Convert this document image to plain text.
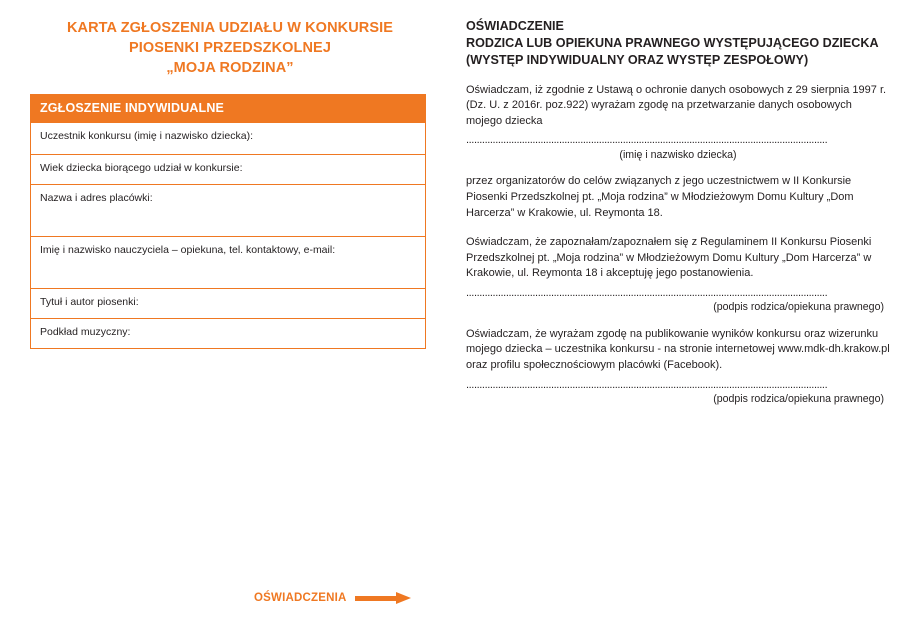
KARTA ZGŁOSZENIA UDZIAŁU W KONKURSIE
PIOSENKI PRZEDSZKOLNEJ
„MOJA RODZINA”
ZGŁOSZENIE INDYWIDUALNE
Uczestnik konkursu (imię i nazwisko dziecka):
Wiek dziecka biorącego udział w konkursie:
Nazwa i adres placówki:
Imię i nazwisko nauczyciela – opiekuna, tel. kontaktowy, e-mail:
Tytuł i autor piosenki:
Podkład muzyczny:
OŚWIADCZENIE
RODZICA LUB OPIEKUNA PRAWNEGO WYSTĘPUJĄCEGO DZIECKA
(WYSTĘP INDYWIDUALNY ORAZ WYSTĘP ZESPOŁOWY)

Oświadczam, iż zgodnie z Ustawą o ochronie danych osobowych z 29 sierpnia 1997 r. (Dz. U. z 2016r. poz.922) wyrażam zgodę na przetwarzanie danych osobowych mojego dziecka

........................................................................................................................................
(imię i nazwisko dziecka)

przez organizatorów do celów związanych z jego uczestnictwem w II Konkursie Piosenki Przedszkolnej pt. „Moja rodzina” w Młodzieżowym Domu Kultury „Dom Harcerza” w Krakowie, ul. Reymonta 18.

Oświadczam, że zapoznałam/zapoznałem się z Regulaminem II Konkursu Piosenki Przedszkolnej pt. „Moja rodzina” w Młodzieżowym Domu Kultury „Dom Harcerza” w Krakowie, ul. Reymonta 18 i akceptuję jego postanowienia.

........................................................................................................................................
(podpis rodzica/opiekuna prawnego)

Oświadczam, że wyrażam zgodę na publikowanie wyników konkursu oraz wizerunku mojego dziecka – uczestnika konkursu - na stronie internetowej www.mdk-dh.krakow.pl oraz profilu społecznościowym placówki (Facebook).

........................................................................................................................................
(podpis rodzica/opiekuna prawnego)
OŚWIADCZENIA
